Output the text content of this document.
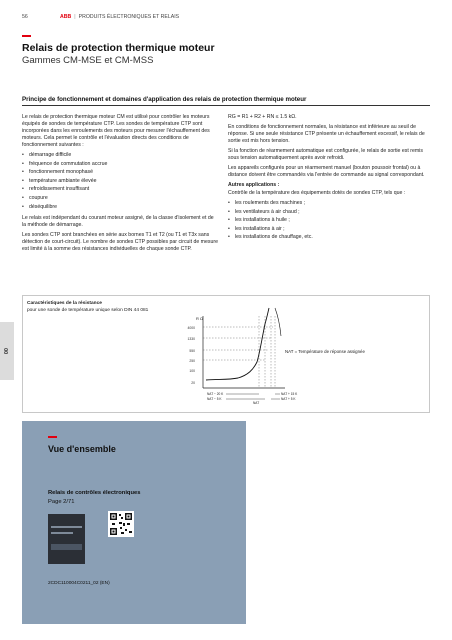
56	ABB | PRODUITS ÉLECTRONIQUES ET RELAIS
Relais de protection thermique moteur
Gammes CM-MSE et CM-MSS
Principe de fonctionnement et domaines d'application des relais de protection thermique moteur

Le relais de protection thermique moteur CM est utilisé pour contrôler les moteurs équipés de sondes de température CTP. Les sondes de température CTP sont incorporées dans les enroulements des moteurs pour mesurer l'échauffement des moteurs. Cela permet le contrôle et l'évaluation directs des conditions de fonctionnement suivantes :

• démarrage difficile
• fréquence de commutation accrue
• fonctionnement monophasé
• température ambiante élevée
• refroidissement insuffisant
• coupure
• déséquilibre

Le relais est indépendant du courant moteur assigné, de la classe d'isolement et de la méthode de démarrage.

Les sondes CTP sont branchées en série aux bornes T1 et T2 (ou T1 et T3x sans détection de court-circuit). Le nombre de sondes CTP possibles par circuit de mesure est limité à la somme des résistances individuelles de chaque sonde CTP.

RG = R1 + R2 + RN ≤ 1.5 kΩ.

En conditions de fonctionnement normales, la résistance est inférieure au seuil de réponse. Si une seule résistance CTP présente un échauffement excessif, le relais de sortie est mis hors tension.

Si la fonction de réarmement automatique est configurée, le relais de sortie est remis sous tension automatiquement après avoir refroidi.

Les appareils configurés pour un réarmement manuel (bouton poussoir frontal) ou à distance doivent être commandés via l'entrée de commande au signal correspondant.

Autres applications :

Contrôle de la température des équipements dotés de sondes CTP, tels que :

• les roulements des machines ;
• les ventilateurs à air chaud ;
• les installations à huile ;
• les installations à air ;
• les installations de chauffage, etc.
00
Caractéristiques de la résistance
pour une sonde de température unique selon DIN 44 081
R Ω
4000
1330
550
250
100
20
NAT − 20 K
NAT − 5 K
NAT
NAT + 15 K
NAT + 5 K
NAT = Température de réponse assignée
Vue d'ensemble
Relais de contrôles électroniques
Page 2/71
2CDC110004C0211_02 (EN)
